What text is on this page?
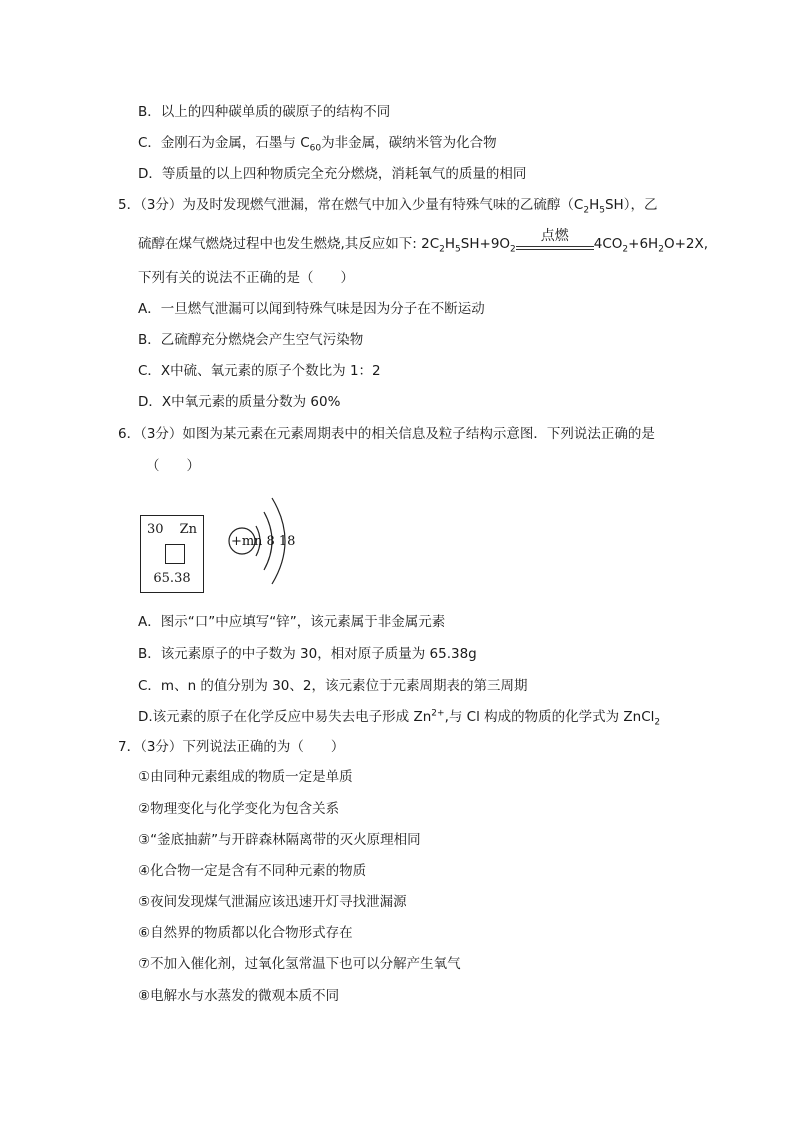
B．以上的四种碳单质的碳原子的结构不同
C．金刚石为金属，石墨与 $C_{60}$为非金属，碳纳米管为化合物
D．等质量的以上四种物质完全充分燃烧，消耗氧气的质量的相同
5．（3分）为及时发现燃气泄漏，常在燃气中加入少量有特殊气味的乙硫醇$(C_2H_5SH)$，乙
硫醇在煤气燃烧过程中也发生燃烧,其反应如下: $2C_2H_5SH+9O_2$
点燃	$4CO_2+6H_2O+2X$,
下列有关的说法不正确的是（　　）
A．一旦燃气泄漏可以闻到特殊气味是因为分子在不断运动
B．乙硫醇充分燃烧会产生空气污染物
C．X中硫、氧元素的原子个数比为 1：2
D．X中氧元素的质量分数为 60%
6．（3分）如图为某元素在元素周期表中的相关信息及粒子结构示意图．下列说法正确的是
（　　）
30 Zn
65.38
+m n 8 18
A．图示“口”中应填写“锌”，该元素属于非金属元素
B．该元素原子的中子数为 30，相对原子质量为 65.38g
C．m、n 的值分别为 30、2，该元素位于元素周期表的第三周期
D.该元素的原子在化学反应中易失去电子形成 $Zn^{2+}$,与 Cl 构成的物质的化学式为 ZnCl$_2$
7．（3分）下列说法正确的为（　　）
①由同种元素组成的物质一定是单质
②物理变化与化学变化为包含关系
③“釜底抽薪”与开辟森林隔离带的灭火原理相同
④化合物一定是含有不同种元素的物质
⑤夜间发现煤气泄漏应该迅速开灯寻找泄漏源
⑥自然界的物质都以化合物形式存在
⑦不加入催化剂，过氧化氢常温下也可以分解产生氧气
⑧电解水与水蒸发的微观本质不同
